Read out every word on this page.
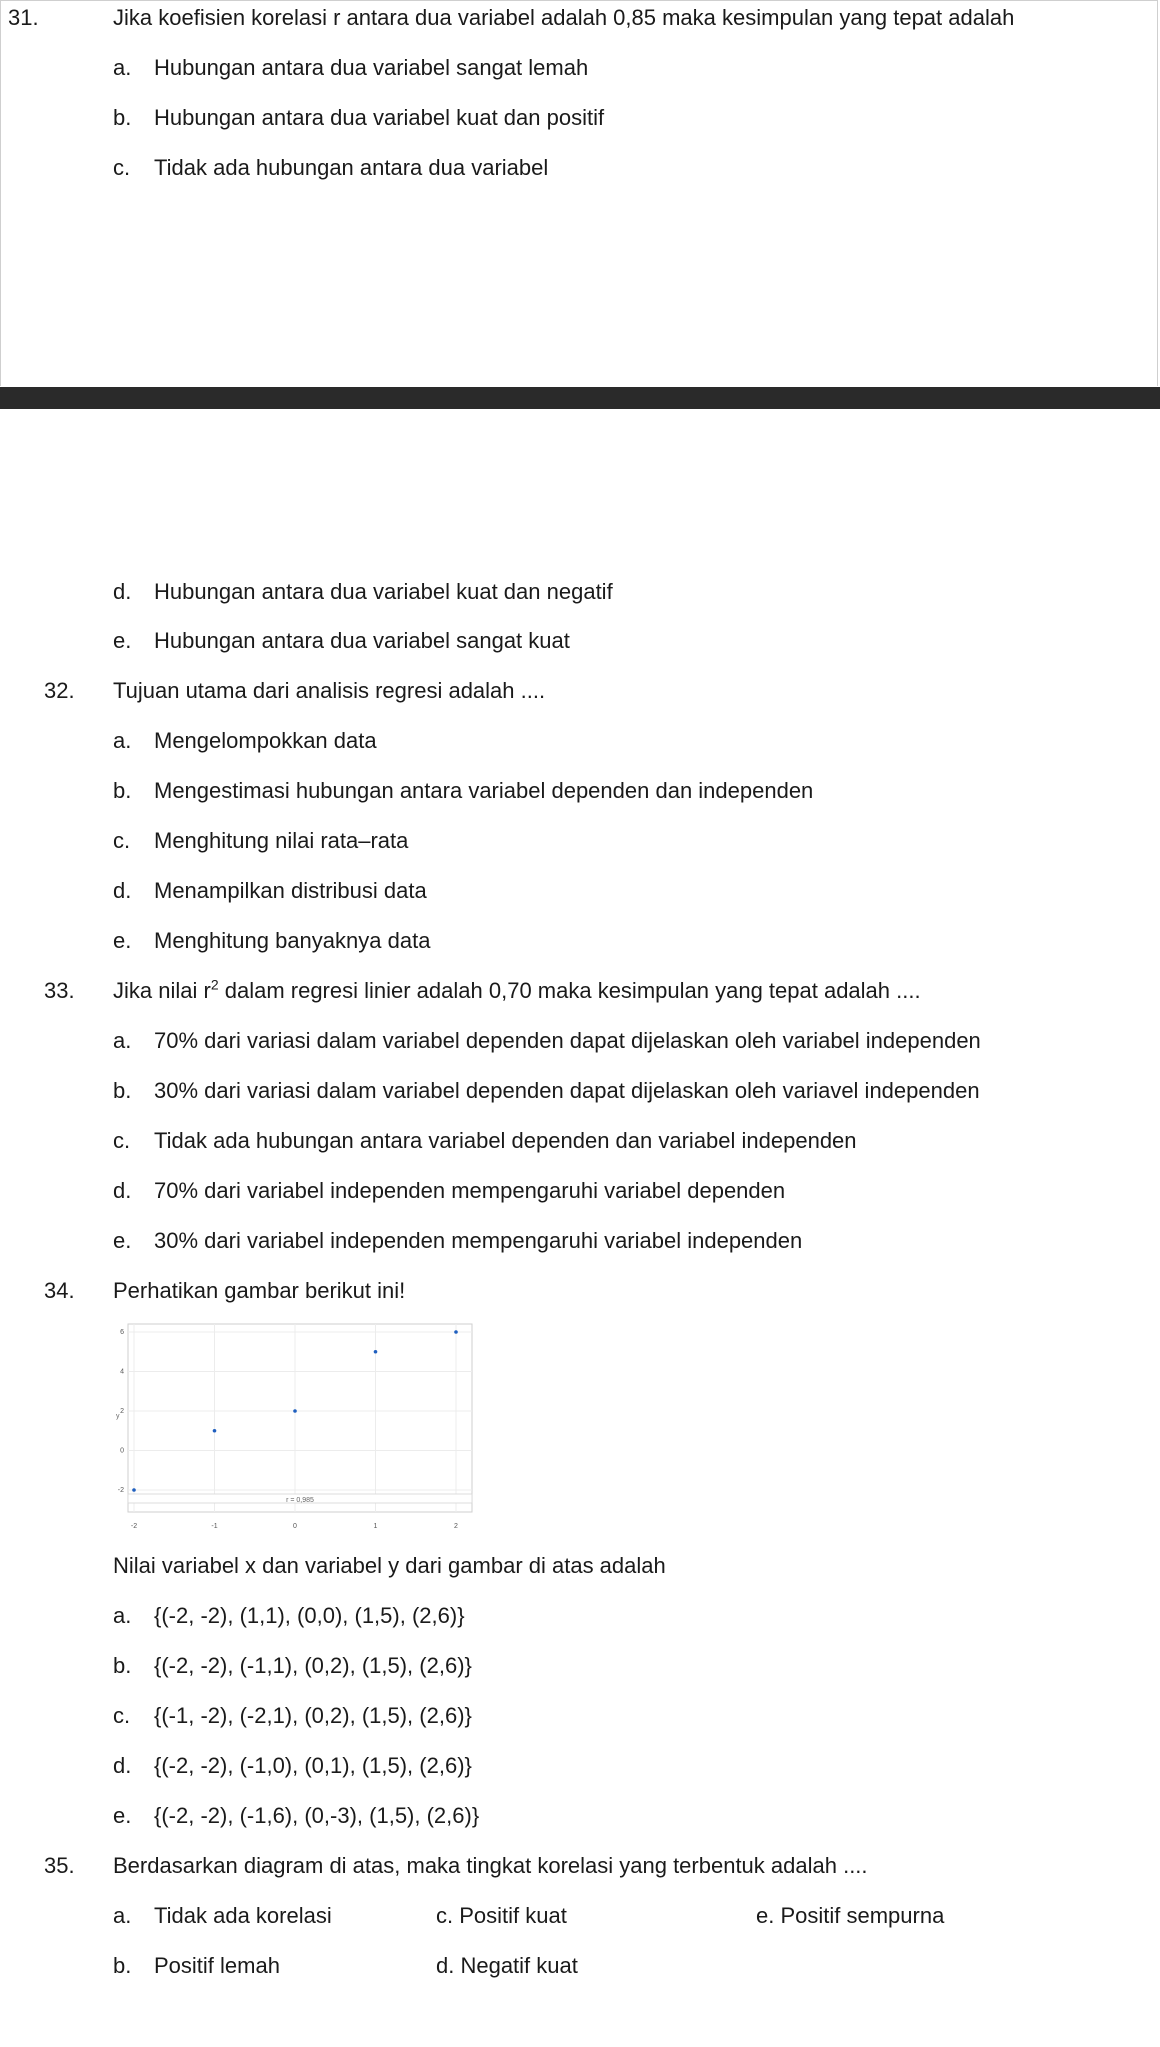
31.	Jika koefisien korelasi r antara dua variabel adalah 0,85 maka kesimpulan yang tepat adalah
a. Hubungan antara dua variabel sangat lemah
b. Hubungan antara dua variabel kuat dan positif
c. Tidak ada hubungan antara dua variabel
d. Hubungan antara dua variabel kuat dan negatif
e. Hubungan antara dua variabel sangat kuat
32. Tujuan utama dari analisis regresi adalah ....
a. Mengelompokkan data
b. Mengestimasi hubungan antara variabel dependen dan independen
c. Menghitung nilai rata–rata
d. Menampilkan distribusi data
e. Menghitung banyaknya data
33. Jika nilai $r^2$ dalam regresi linier adalah 0,70 maka kesimpulan yang tepat adalah ....
a. 70% dari variasi dalam variabel dependen dapat dijelaskan oleh variabel independen
b. 30% dari variasi dalam variabel dependen dapat dijelaskan oleh variavel independen
c. Tidak ada hubungan antara variabel dependen dan variabel independen
d. 70% dari variabel independen mempengaruhi variabel dependen
e. 30% dari variabel independen mempengaruhi variabel independen
34. Perhatikan gambar berikut ini!
6
4
2
0
-2
-2	-1	0	1	2
y
r = 0,985
Nilai variabel x dan variabel y dari gambar di atas adalah
a. {(-2, -2), (1,1), (0,0), (1,5), (2,6)}
b. {(-2, -2), (-1,1), (0,2), (1,5), (2,6)}
c. {(-1, -2), (-2,1), (0,2), (1,5), (2,6)}
d. {(-2, -2), (-1,0), (0,1), (1,5), (2,6)}
e. {(-2, -2), (-1,6), (0,-3), (1,5), (2,6)}
35. Berdasarkan diagram di atas, maka tingkat korelasi yang terbentuk adalah ....
a. Tidak ada korelasi	c. Positif kuat	e. Positif sempurna
b. Positif lemah	d. Negatif kuat
